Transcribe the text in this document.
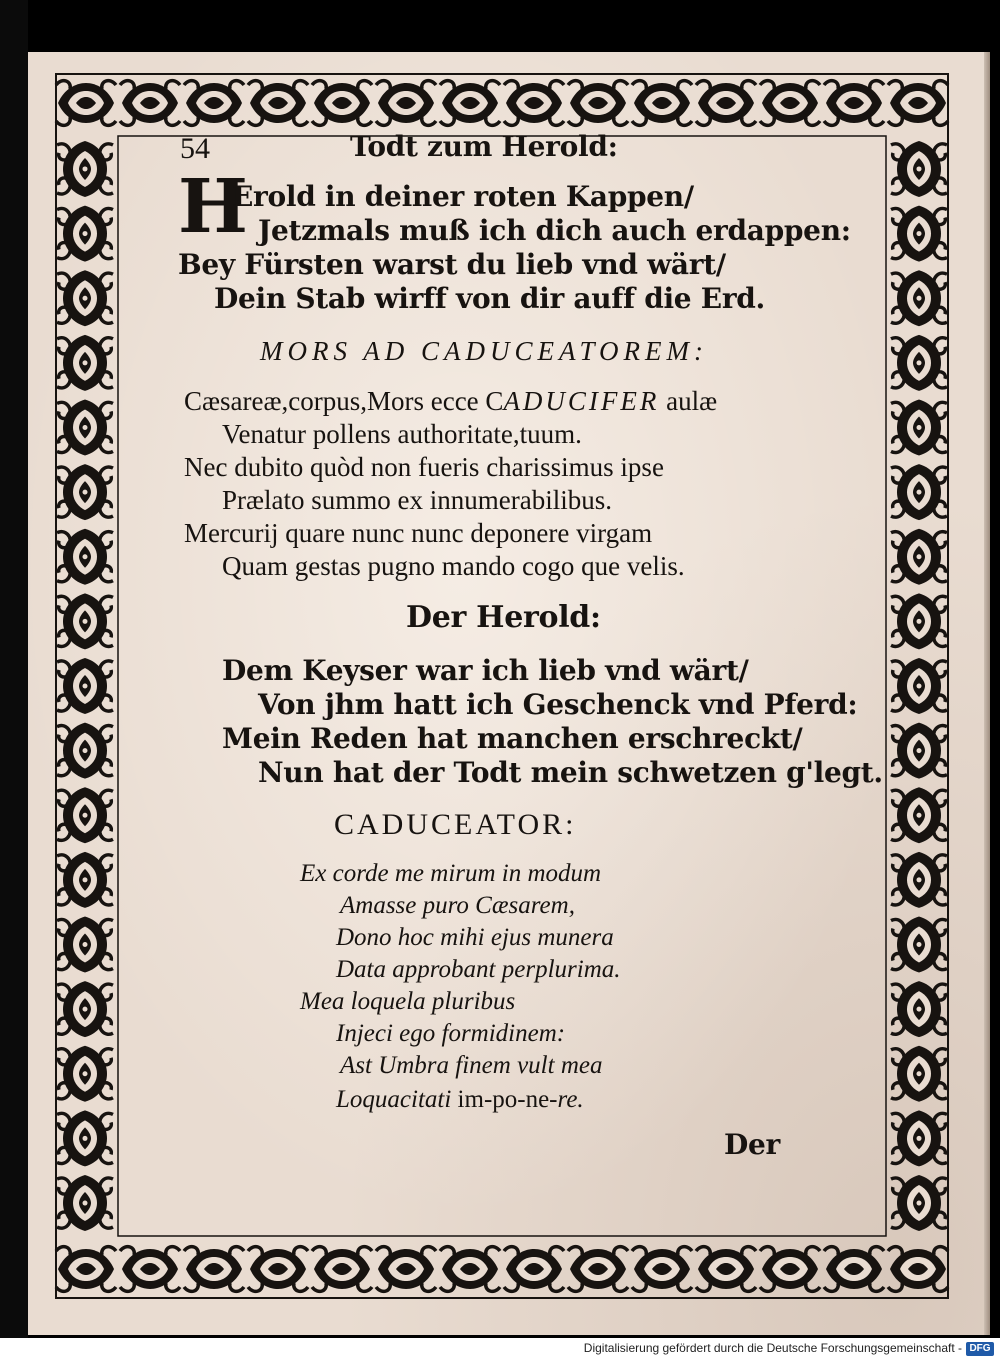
54	Todt zum Herold:
H
Erold in deiner roten Kappen/
Jetzmals muß ich dich auch erdappen:
Bey Fürsten warst du lieb vnd wärt/
Dein Stab wirff von dir auff die Erd.
MORS AD CADUCEATOREM:
Cæsareæ,corpus,Mors ecce CADUCIFER aulæ
Venatur pollens authoritate,tuum.
Nec dubito quòd non fueris charissimus ipse
Prælato summo ex innumerabilibus.
Mercurij quare nunc nunc deponere virgam
Quam gestas pugno mando cogo que velis.
Der Herold:
Dem Keyser war ich lieb vnd wärt/
Von jhm hatt ich Geschenck vnd Pferd:
Mein Reden hat manchen erschreckt/
Nun hat der Todt mein schwetzen g'legt.
CADUCEATOR:
Ex corde me mirum in modum
Amasse puro Cæsarem,
Dono hoc mihi ejus munera
Data approbant perplurima.
Mea loquela pluribus
Injeci ego formidinem:
Ast Umbra finem vult mea
Loquacitati im-po-ne-re.
Der
Digitalisierung gefördert durch die Deutsche Forschungsgemeinschaft - DFG
